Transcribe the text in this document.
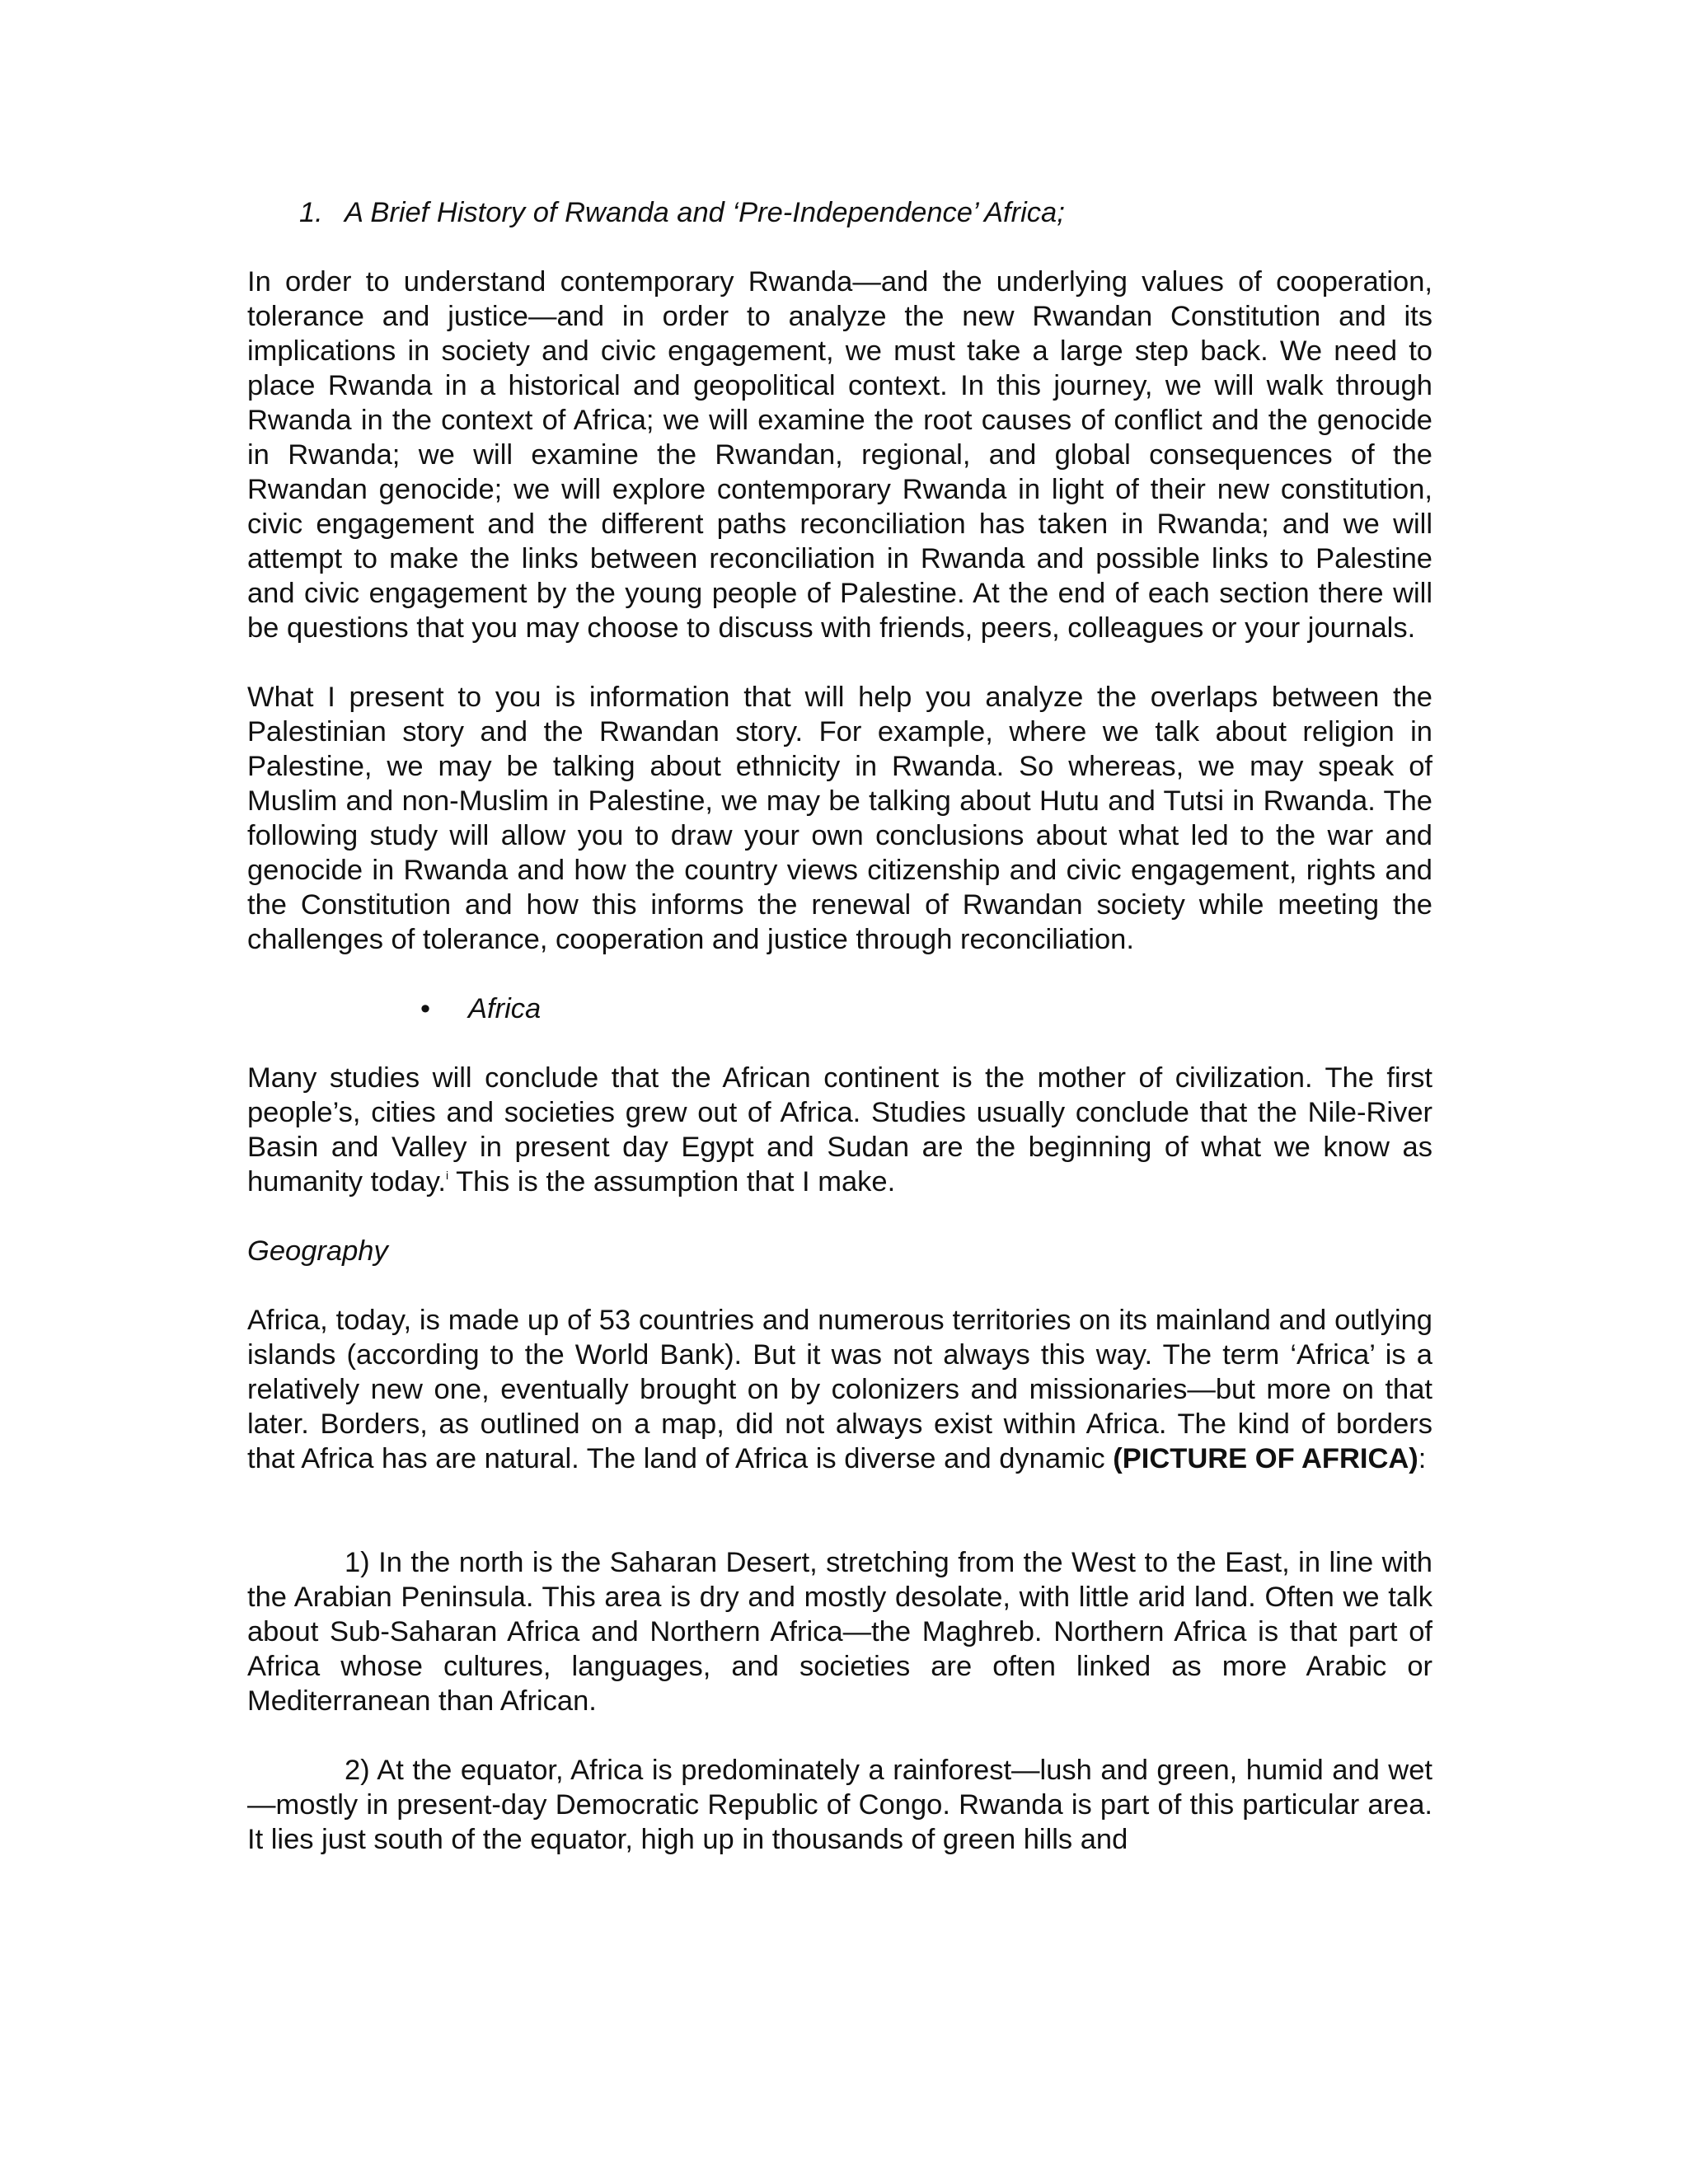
1. A Brief History of Rwanda and ‘Pre-Independence’ Africa;

In order to understand contemporary Rwanda—and the underlying values of cooperation, tolerance and justice—and in order to analyze the new Rwandan Constitution and its implications in society and civic engagement, we must take a large step back. We need to place Rwanda in a historical and geopolitical context. In this journey, we will walk through Rwanda in the context of Africa; we will examine the root causes of conflict and the genocide in Rwanda; we will examine the Rwandan, regional, and global consequences of the Rwandan genocide; we will explore contemporary Rwanda in light of their new constitution, civic engagement and the different paths reconciliation has taken in Rwanda; and we will attempt to make the links between reconciliation in Rwanda and possible links to Palestine and civic engagement by the young people of Palestine. At the end of each section there will be questions that you may choose to discuss with friends, peers, colleagues or your journals.

What I present to you is information that will help you analyze the overlaps between the Palestinian story and the Rwandan story. For example, where we talk about religion in Palestine, we may be talking about ethnicity in Rwanda. So whereas, we may speak of Muslim and non-Muslim in Palestine, we may be talking about Hutu and Tutsi in Rwanda. The following study will allow you to draw your own conclusions about what led to the war and genocide in Rwanda and how the country views citizenship and civic engagement, rights and the Constitution and how this informs the renewal of Rwandan society while meeting the challenges of tolerance, cooperation and justice through reconciliation.

• Africa

Many studies will conclude that the African continent is the mother of civilization. The first people’s, cities and societies grew out of Africa. Studies usually conclude that the Nile-River Basin and Valley in present day Egypt and Sudan are the beginning of what we know as humanity today.$^i$ This is the assumption that I make.

Geography

Africa, today, is made up of 53 countries and numerous territories on its mainland and outlying islands (according to the World Bank). But it was not always this way. The term ‘Africa’ is a relatively new one, eventually brought on by colonizers and missionaries—but more on that later. Borders, as outlined on a map, did not always exist within Africa. The kind of borders that Africa has are natural. The land of Africa is diverse and dynamic (PICTURE OF AFRICA):

1) In the north is the Saharan Desert, stretching from the West to the East, in line with the Arabian Peninsula. This area is dry and mostly desolate, with little arid land. Often we talk about Sub-Saharan Africa and Northern Africa—the Maghreb. Northern Africa is that part of Africa whose cultures, languages, and societies are often linked as more Arabic or Mediterranean than African.

2) At the equator, Africa is predominately a rainforest—lush and green, humid and wet—mostly in present-day Democratic Republic of Congo. Rwanda is part of this particular area. It lies just south of the equator, high up in thousands of green hills and
